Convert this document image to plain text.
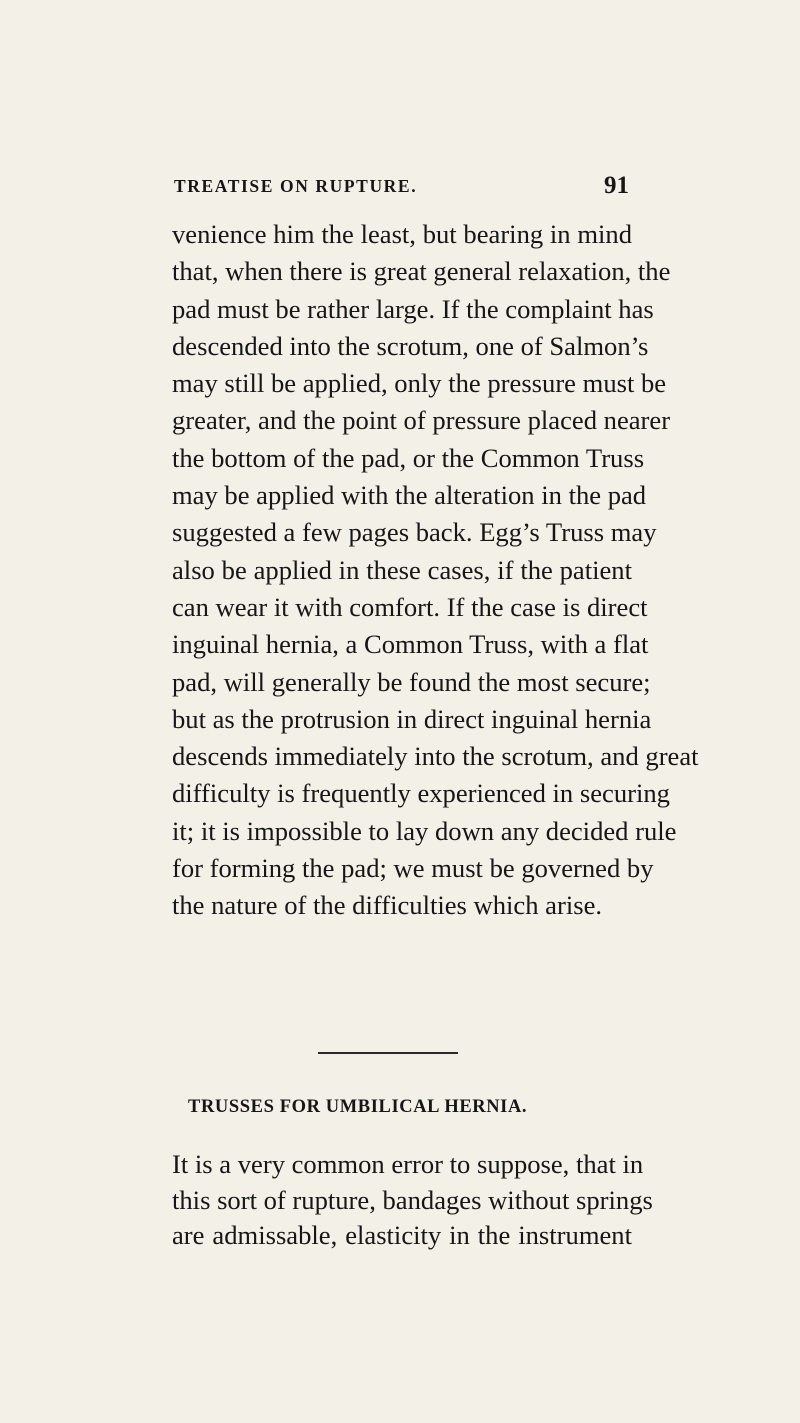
TREATISE ON RUPTURE.	91
venience him the least, but bearing in mind
that, when there is great general relaxation, the
pad must be rather large. If the complaint has
descended into the scrotum, one of Salmon’s
may still be applied, only the pressure must be
greater, and the point of pressure placed nearer
the bottom of the pad, or the Common Truss
may be applied with the alteration in the pad
suggested a few pages back. Egg’s Truss may
also be applied in these cases, if the patient
can wear it with comfort. If the case is direct
inguinal hernia, a Common Truss, with a flat
pad, will generally be found the most secure;
but as the protrusion in direct inguinal hernia
descends immediately into the scrotum, and great
difficulty is frequently experienced in securing
it; it is impossible to lay down any decided rule
for forming the pad; we must be governed by
the nature of the difficulties which arise.
TRUSSES FOR UMBILICAL HERNIA.
It is a very common error to suppose, that in
this sort of rupture, bandages without springs
are admissable, elasticity in the instrument
